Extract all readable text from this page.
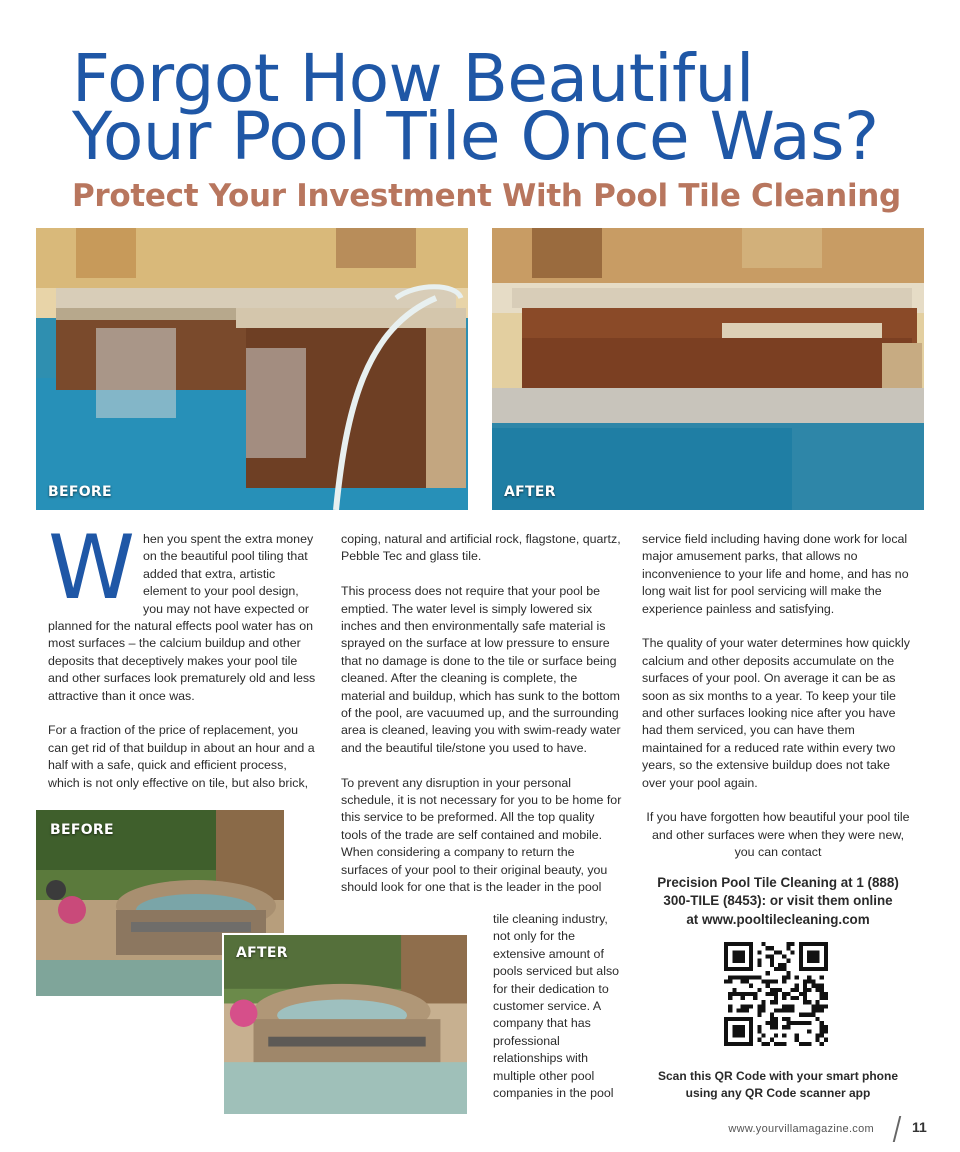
Forgot How Beautiful
Your Pool Tile Once Was?
Protect Your Investment With Pool Tile Cleaning
BEFORE	AFTER

W hen you spent the extra money on the beautiful pool tiling that added that extra, artistic element to your pool design, you may not have expected or planned for the natural effects pool water has on most surfaces – the calcium buildup and other deposits that deceptively makes your pool tile and other surfaces look prematurely old and less attractive than it once was.

For a fraction of the price of replacement, you can get rid of that buildup in about an hour and a half with a safe, quick and efficient process, which is not only effective on tile, but also brick,

coping, natural and artificial rock, flagstone, quartz, Pebble Tec and glass tile.

This process does not require that your pool be emptied. The water level is simply lowered six inches and then environmentally safe material is sprayed on the surface at low pressure to ensure that no damage is done to the tile or surface being cleaned. After the cleaning is complete, the material and buildup, which has sunk to the bottom of the pool, are vacuumed up, and the surrounding area is cleaned, leaving you with swim-ready water and the beautiful tile/stone you used to have.

To prevent any disruption in your personal schedule, it is not necessary for you to be home for this service to be preformed. All the top quality tools of the trade are self contained and mobile. When considering a company to return the surfaces of your pool to their original beauty, you should look for one that is the leader in the pool

tile cleaning industry, not only for the extensive amount of pools serviced but also for their dedication to customer service. A company that has professional relationships with multiple other pool companies in the pool

BEFORE
AFTER

service field including having done work for local major amusement parks, that allows no inconvenience to your life and home, and has no long wait list for pool servicing will make the experience painless and satisfying.

The quality of your water determines how quickly calcium and other deposits accumulate on the surfaces of your pool. On average it can be as soon as six months to a year. To keep your tile and other surfaces looking nice after you have had them serviced, you can have them maintained for a reduced rate within every two years, so the extensive buildup does not take over your pool again.

If you have forgotten how beautiful your pool tile and other surfaces were when they were new, you can contact

Precision Pool Tile Cleaning at 1 (888) 300-TILE (8453): or visit them online at www.pooltilecleaning.com
Scan this QR Code with your smart phone using any QR Code scanner app
www.yourvillamagazine.com	11
